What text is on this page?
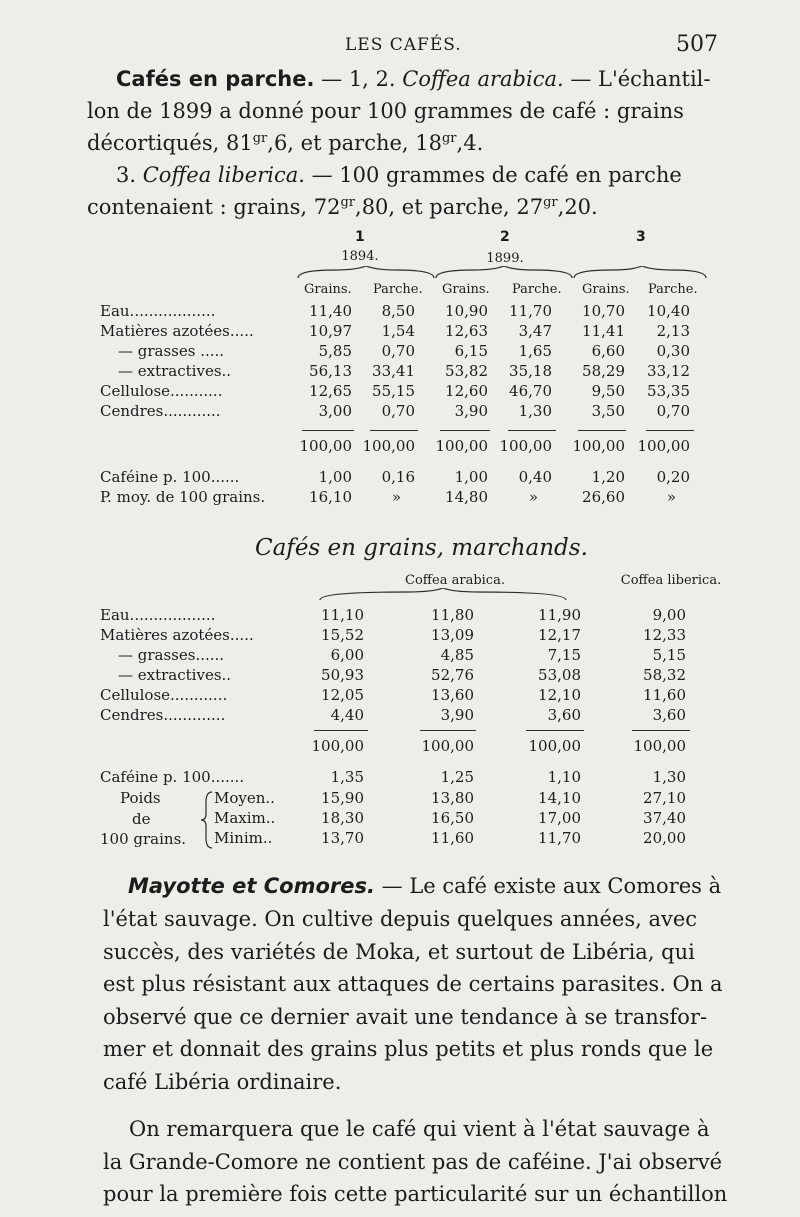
LES CAFÉS.	507
Cafés en parche. — 1, 2. Coffea arabica. — L'échantil-
lon de 1899 a donné pour 100 grammes de café : grains
décortiqués, $81^{gr},6$, et parche, $18^{gr},4$.
3. Coffea liberica. — 100 grammes de café en parche
contenaient : grains, $72^{gr},80$, et parche, $27^{gr},20$.
1	2	3
1894.	1899.
Cafés en grains, marchands.
Coffea arabica.	Coffea liberica.
Poids
de
100 grains.
Mayotte et Comores. — Le café existe aux Comores à
Grains. Parche. Grains. Parche. Grains. Parche.
Eau..................	11,40	8,50	10,90	11,70	10,70	10,40
Matières azotées.....	10,97	1,54	12,63	3,47	11,41	2,13
— grasses .....	5,85	0,70	6,15	1,65	6,60	0,30
— extractives..	56,13	33,41	53,82	35,18	58,29	33,12
Cellulose...........	12,65	55,15	12,60	46,70	9,50	53,35
Cendres............	3,00	0,70	3,90	1,30	3,50	0,70
100,00 100,00	100,00 100,00	100,00 100,00
Caféine p. 100......	1,00	0,16	1,00	0,40	1,20	0,20
P. moy. de 100 grains.	16,10	»	14,80	»	26,60	»
Eau..................	11,10	11,80	11,90	9,00
Matières azotées.....	15,52	13,09	12,17	12,33
— grasses......	6,00	4,85	7,15	5,15
— extractives..	50,93	52,76	53,08	58,32
Cellulose............	12,05	13,60	12,10	11,60
Cendres.............	4,40	3,90	3,60	3,60
100,00	100,00	100,00	100,00
Caféine p. 100.......	1,35	1,25	1,10	1,30
Moyen..	15,90	13,80	14,10	27,10
Maxim..	18,30	16,50	17,00	37,40
Minim..	13,70	11,60	11,70	20,00
l'état sauvage. On cultive depuis quelques années, avec
succès, des variétés de Moka, et surtout de Libéria, qui
est plus résistant aux attaques de certains parasites. On a
observé que ce dernier avait une tendance à se transfor-
mer et donnait des grains plus petits et plus ronds que le
café Libéria ordinaire.
On remarquera que le café qui vient à l'état sauvage à
la Grande-Comore ne contient pas de caféine. J'ai observé
pour la première fois cette particularité sur un échantillon
